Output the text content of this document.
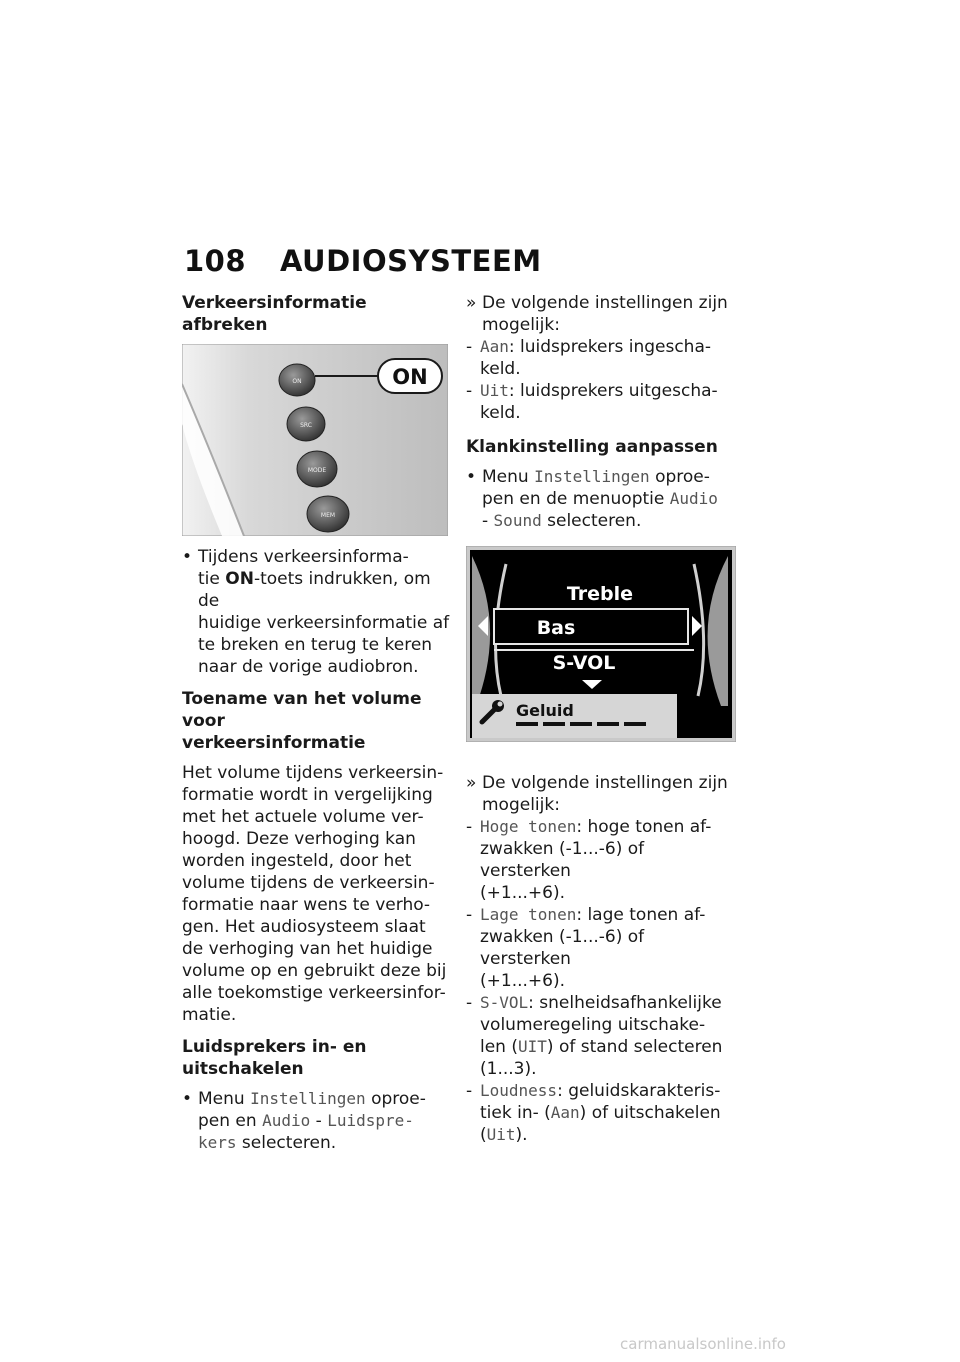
108 AUDIOSYSTEEM
Verkeersinformatie afbreken
ON
SRC
MODE
MEM
ON
• Tijdens verkeersinforma-
tie ON-toets indrukken, om de
huidige verkeersinformatie af
te breken en terug te keren
naar de vorige audiobron.
Toename van het volume voor
verkeersinformatie
Het volume tijdens verkeersin-
formatie wordt in vergelijking
met het actuele volume ver-
hoogd. Deze verhoging kan
worden ingesteld, door het
volume tijdens de verkeersin-
formatie naar wens te verho-
gen. Het audiosysteem slaat
de verhoging van het huidige
volume op en gebruikt deze bij
alle toekomstige verkeersinfor-
matie.
Luidsprekers in- en
uitschakelen
• Menu Instellingen oproe-
pen en Audio - Luidspre-
kers selecteren.
» De volgende instellingen zijn
mogelijk:
- Aan: luidsprekers ingescha-
keld.
- Uit: luidsprekers uitgescha-
keld.
Klankinstelling aanpassen
• Menu Instellingen oproe-
pen en de menuoptie Audio
- Sound selecteren.
Treble
Bas
S-VOL
Geluid
» De volgende instellingen zijn
mogelijk:
- Hoge tonen: hoge tonen af-
zwakken (-1...-6) of versterken
(+1...+6).
- Lage tonen: lage tonen af-
zwakken (-1...-6) of versterken
(+1...+6).
- S-VOL: snelheidsafhankelijke
volumeregeling uitschake-
len (UIT) of stand selecteren
(1...3).
- Loudness: geluidskarakteris-
tiek in- (Aan) of uitschakelen
(Uit).
carmanualsonline.info
